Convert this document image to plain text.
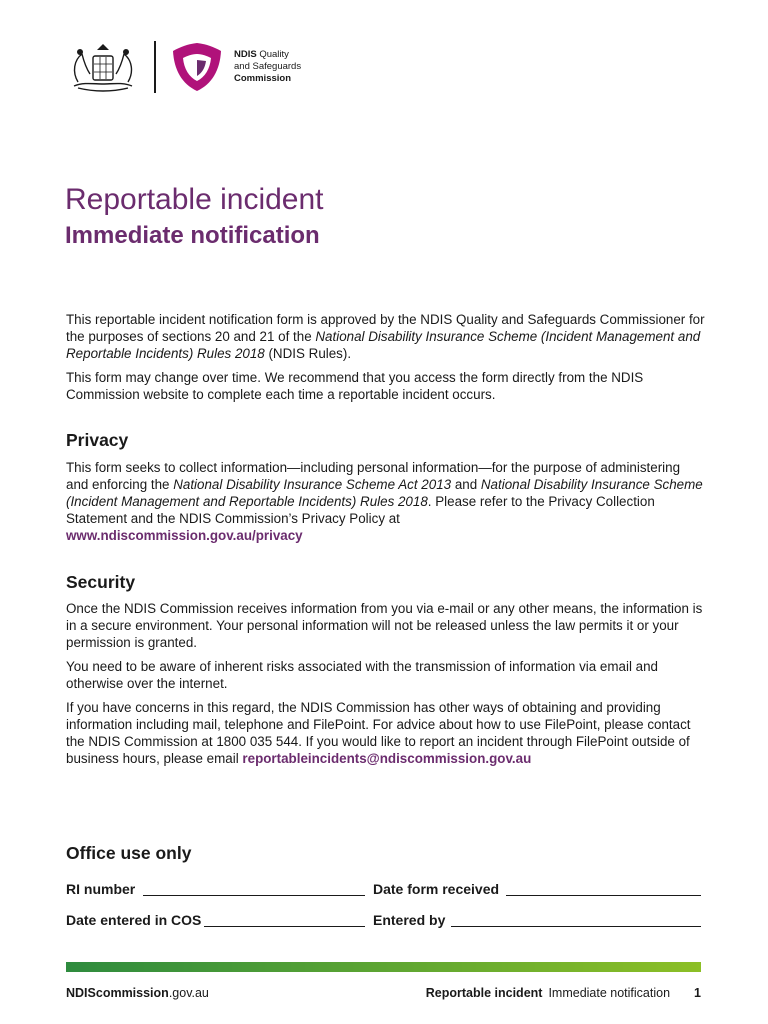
NDIS Quality
and Safeguards
Commission
Reportable incident
Immediate notification

This reportable incident notification form is approved by the NDIS Quality and Safeguards Commissioner for the purposes of sections 20 and 21 of the National Disability Insurance Scheme (Incident Management and Reportable Incidents) Rules 2018 (NDIS Rules).

This form may change over time. We recommend that you access the form directly from the NDIS Commission website to complete each time a reportable incident occurs.

Privacy

This form seeks to collect information—including personal information—for the purpose of administering and enforcing the National Disability Insurance Scheme Act 2013 and National Disability Insurance Scheme (Incident Management and Reportable Incidents) Rules 2018. Please refer to the Privacy Collection Statement and the NDIS Commission’s Privacy Policy at
www.ndiscommission.gov.au/privacy

Security

Once the NDIS Commission receives information from you via e-mail or any other means, the information is in a secure environment. Your personal information will not be released unless the law permits it or your permission is granted.

You need to be aware of inherent risks associated with the transmission of information via email and otherwise over the internet.

If you have concerns in this regard, the NDIS Commission has other ways of obtaining and providing information including mail, telephone and FilePoint. For advice about how to use FilePoint, please contact the NDIS Commission at 1800 035 544. If you would like to report an incident through FilePoint outside of business hours, please email reportableincidents@ndiscommission.gov.au

Office use only
RI number	Date form received
Date entered in COS	Entered by
NDIScommission.gov.au	Reportable incident Immediate notification 1
